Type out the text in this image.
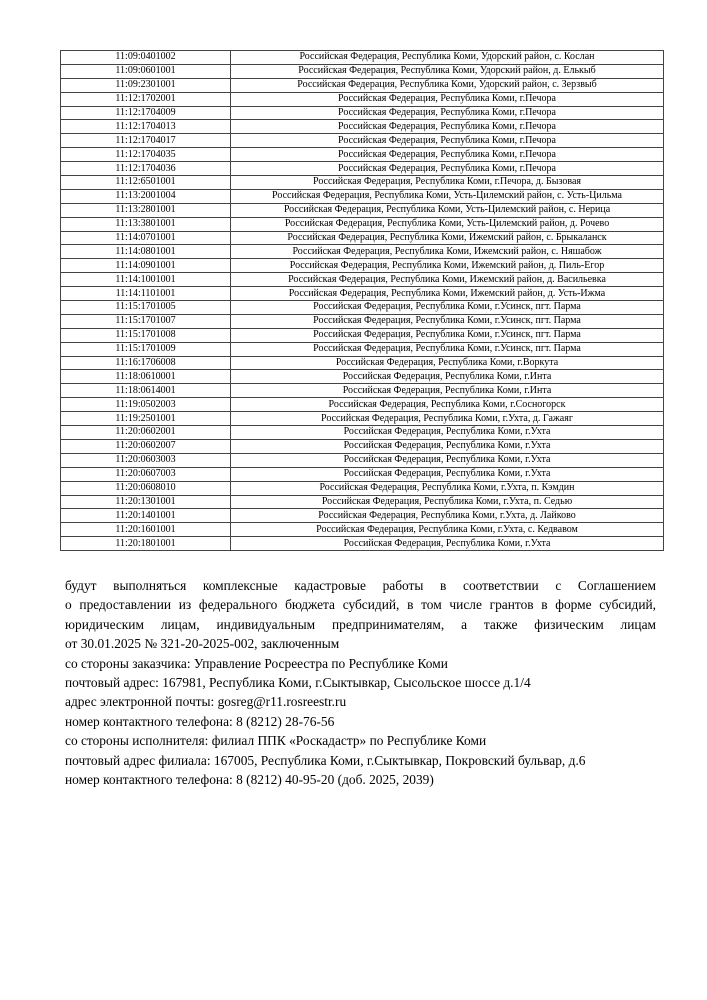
11:09:0401002	Российская Федерация, Республика Коми, Удорский район, с. Кослан
11:09:0601001	Российская Федерация, Республика Коми, Удорский район, д. Елькыб
11:09:2301001	Российская Федерация, Республика Коми, Удорский район, с. Зерзвыб
11:12:1702001	Российская Федерация, Республика Коми, г.Печора
11:12:1704009	Российская Федерация, Республика Коми, г.Печора
11:12:1704013	Российская Федерация, Республика Коми, г.Печора
11:12:1704017	Российская Федерация, Республика Коми, г.Печора
11:12:1704035	Российская Федерация, Республика Коми, г.Печора
11:12:1704036	Российская Федерация, Республика Коми, г.Печора
11:12:6501001	Российская Федерация, Республика Коми, г.Печора, д. Бызовая
11:13:2001004	Российская Федерация, Республика Коми, Усть-Цилемский район, с. Усть-Цильма
11:13:2801001	Российская Федерация, Республика Коми, Усть-Цилемский район, с. Нерица
11:13:3801001	Российская Федерация, Республика Коми, Усть-Цилемский район, д. Рочево
11:14:0701001	Российская Федерация, Республика Коми, Ижемский район, с. Брыкаланск
11:14:0801001	Российская Федерация, Республика Коми, Ижемский район, с. Няшабож
11:14:0901001	Российская Федерация, Республика Коми, Ижемский район, д. Пиль-Егор
11:14:1001001	Российская Федерация, Республика Коми, Ижемский район, д. Васильевка
11:14:1101001	Российская Федерация, Республика Коми, Ижемский район, д. Усть-Ижма
11:15:1701005	Российская Федерация, Республика Коми, г.Усинск, пгт. Парма
11:15:1701007	Российская Федерация, Республика Коми, г.Усинск, пгт. Парма
11:15:1701008	Российская Федерация, Республика Коми, г.Усинск, пгт. Парма
11:15:1701009	Российская Федерация, Республика Коми, г.Усинск, пгт. Парма
11:16:1706008	Российская Федерация, Республика Коми, г.Воркута
11:18:0610001	Российская Федерация, Республика Коми, г.Инта
11:18:0614001	Российская Федерация, Республика Коми, г.Инта
11:19:0502003	Российская Федерация, Республика Коми, г.Сосногорск
11:19:2501001	Российская Федерация, Республика Коми, г.Ухта, д. Гажаяг
11:20:0602001	Российская Федерация, Республика Коми, г.Ухта
11:20:0602007	Российская Федерация, Республика Коми, г.Ухта
11:20:0603003	Российская Федерация, Республика Коми, г.Ухта
11:20:0607003	Российская Федерация, Республика Коми, г.Ухта
11:20:0608010	Российская Федерация, Республика Коми, г.Ухта, п. Кэмдин
11:20:1301001	Российская Федерация, Республика Коми, г.Ухта, п. Седью
11:20:1401001	Российская Федерация, Республика Коми, г.Ухта, д. Лайково
11:20:1601001	Российская Федерация, Республика Коми, г.Ухта, с. Кедвавом
11:20:1801001	Российская Федерация, Республика Коми, г.Ухта

будут выполняться комплексные кадастровые работы в соответствии с Соглашением

о предоставлении из федерального бюджета субсидий, в том числе грантов в форме субсидий,

юридическим лицам, индивидуальным предпринимателям, а также физическим лицам

от 30.01.2025 № 321-20-2025-002, заключенным

со стороны заказчика: Управление Росреестра по Республике Коми

почтовый адрес: 167981, Республика Коми, г.Сыктывкар, Сысольское шоссе д.1/4

адрес электронной почты: gosreg@r11.rosreestr.ru

номер контактного телефона: 8 (8212) 28-76-56

со стороны исполнителя: филиал ППК «Роскадастр» по Республике Коми

почтовый адрес филиала: 167005, Республика Коми, г.Сыктывкар, Покровский бульвар, д.6

номер контактного телефона: 8 (8212) 40-95-20 (доб. 2025, 2039)
